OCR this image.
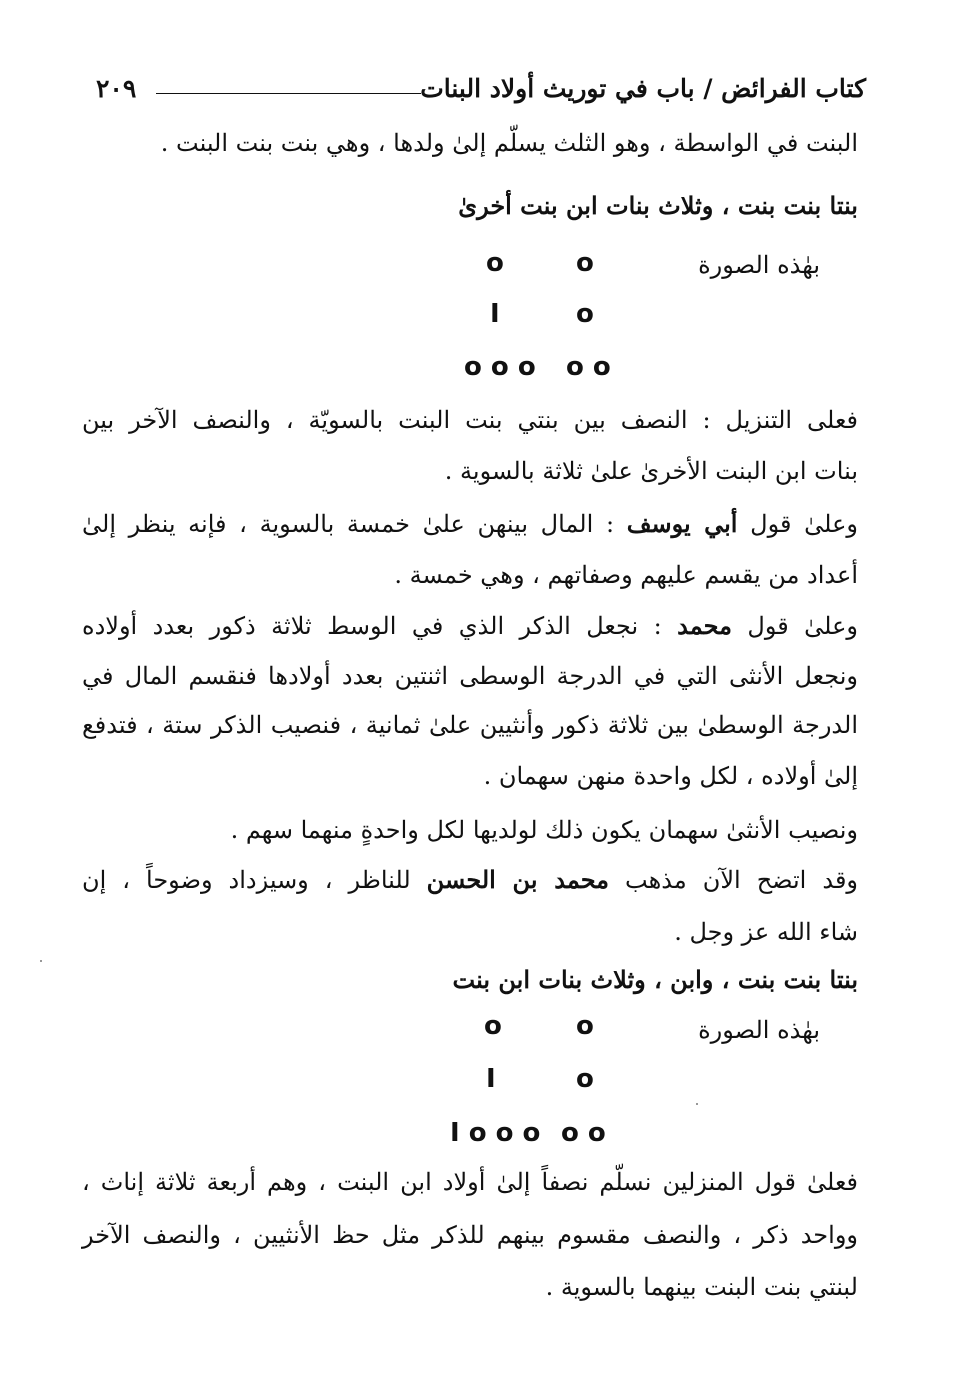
كتاب الفرائض / باب في توريث أولاد البنات
٢٠٩
البنت في الواسطة ، وهو الثلث يسلّم إلىٰ ولدها ، وهي بنت بنت البنت .
بنتا بنت بنت ، وثلاث بنات ابن بنت أخرىٰ
بهٰذه الصورة
o
o
o
I
o o
o o o
فعلى التنزيل : النصف بين بنتي بنت البنت بالسويّة ، والنصف الآخر بين
بنات ابن البنت الأخرىٰ علىٰ ثلاثة بالسوية .
وعلىٰ قول أبي يوسف : المال بينهن علىٰ خمسة بالسوية ، فإنه ينظر إلىٰ
أعداد من يقسم عليهم وصفاتهم ، وهي خمسة .
وعلىٰ قول محمد : نجعل الذكر الذي في الوسط ثلاثة ذكور بعدد أولاده
ونجعل الأنثى التي في الدرجة الوسطى اثنتين بعدد أولادها فنقسم المال في
الدرجة الوسطىٰ بين ثلاثة ذكور وأنثيين علىٰ ثمانية ، فنصيب الذكر ستة ، فتدفع
إلىٰ أولاده ، لكل واحدة منهن سهمان .
ونصيب الأنثىٰ سهمان يكون ذلك لولديها لكل واحدةٍ منهما سهم .
وقد اتضح الآن مذهب محمد بن الحسن للناظر ، وسيزداد وضوحاً ، إن
شاء الله عز وجل .
بنتا بنت بنت ، وابن ، وثلاث بنات ابن بنت
بهٰذه الصورة
o
o
o
I
o o
I o o o
فعلىٰ قول المنزلين نسلّم نصفاً إلىٰ أولاد ابن البنت ، وهم أربعة ثلاثة إناث ،
وواحد ذكر ، والنصف مقسوم بينهم للذكر مثل حظ الأنثيين ، والنصف الآخر
لبنتي بنت البنت بينهما بالسوية .
